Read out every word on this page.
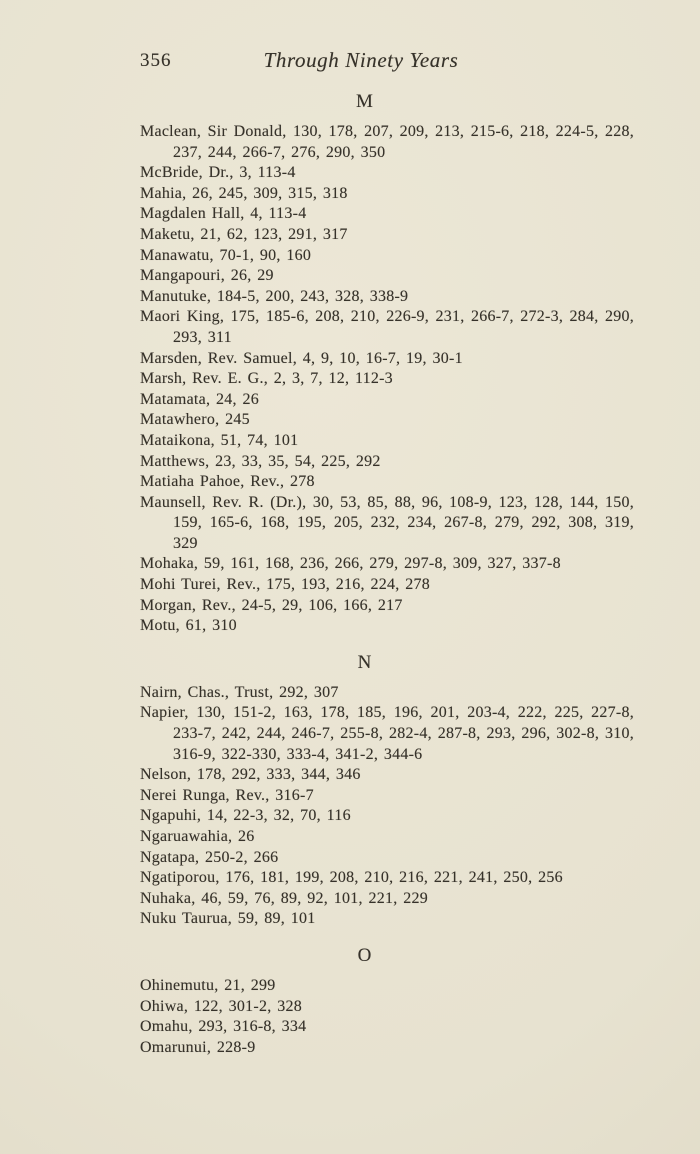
356	Through Ninety Years
M

Maclean, Sir Donald, 130, 178, 207, 209, 213, 215-6, 218, 224-5, 228, 237, 244, 266-7, 276, 290, 350

McBride, Dr., 3, 113-4

Mahia, 26, 245, 309, 315, 318

Magdalen Hall, 4, 113-4

Maketu, 21, 62, 123, 291, 317

Manawatu, 70-1, 90, 160

Mangapouri, 26, 29

Manutuke, 184-5, 200, 243, 328, 338-9

Maori King, 175, 185-6, 208, 210, 226-9, 231, 266-7, 272-3, 284, 290, 293, 311

Marsden, Rev. Samuel, 4, 9, 10, 16-7, 19, 30-1

Marsh, Rev. E. G., 2, 3, 7, 12, 112-3

Matamata, 24, 26

Matawhero, 245

Mataikona, 51, 74, 101

Matthews, 23, 33, 35, 54, 225, 292

Matiaha Pahoe, Rev., 278

Maunsell, Rev. R. (Dr.), 30, 53, 85, 88, 96, 108-9, 123, 128, 144, 150, 159, 165-6, 168, 195, 205, 232, 234, 267-8, 279, 292, 308, 319, 329

Mohaka, 59, 161, 168, 236, 266, 279, 297-8, 309, 327, 337-8

Mohi Turei, Rev., 175, 193, 216, 224, 278

Morgan, Rev., 24-5, 29, 106, 166, 217

Motu, 61, 310

N

Nairn, Chas., Trust, 292, 307

Napier, 130, 151-2, 163, 178, 185, 196, 201, 203-4, 222, 225, 227-8, 233-7, 242, 244, 246-7, 255-8, 282-4, 287-8, 293, 296, 302-8, 310, 316-9, 322-330, 333-4, 341-2, 344-6

Nelson, 178, 292, 333, 344, 346

Nerei Runga, Rev., 316-7

Ngapuhi, 14, 22-3, 32, 70, 116

Ngaruawahia, 26

Ngatapa, 250-2, 266

Ngatiporou, 176, 181, 199, 208, 210, 216, 221, 241, 250, 256

Nuhaka, 46, 59, 76, 89, 92, 101, 221, 229

Nuku Taurua, 59, 89, 101

O

Ohinemutu, 21, 299

Ohiwa, 122, 301-2, 328

Omahu, 293, 316-8, 334

Omarunui, 228-9
